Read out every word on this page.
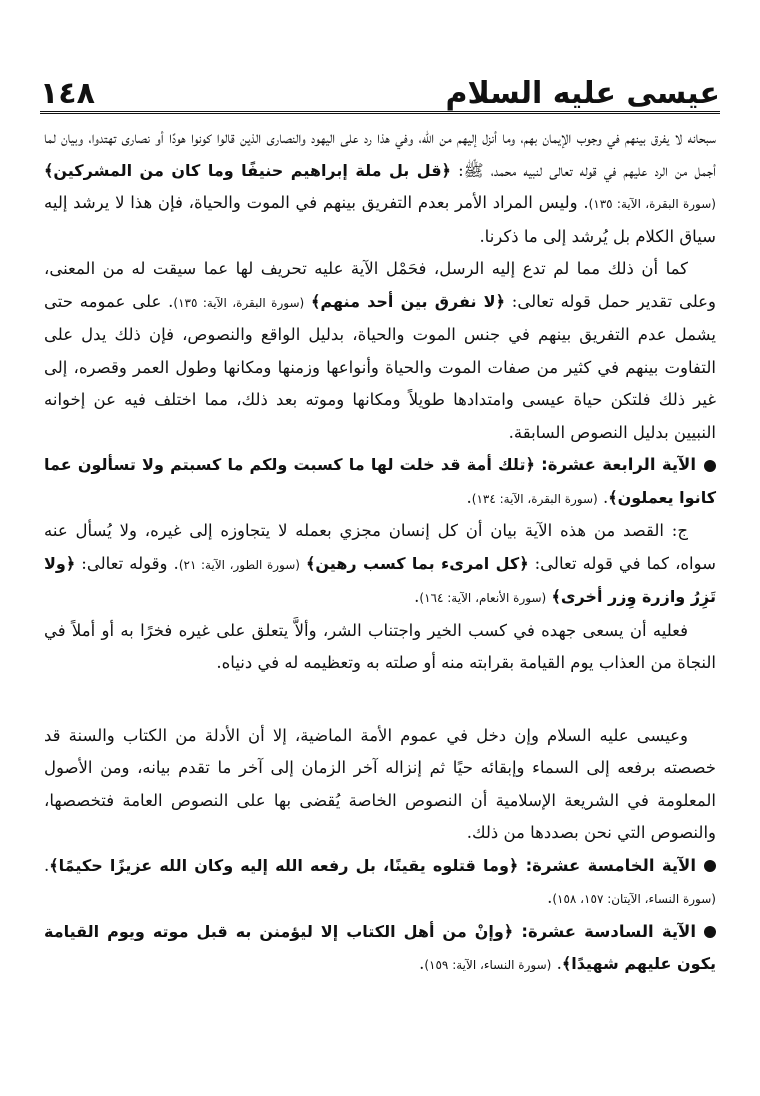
عيسى عليه السلام
١٤٨

سبحانه لا يفرق بينهم في وجوب الإيمان بهم، وما أنزل إليهم من الله، وفي هذا رد على اليهود والنصارى الذين قالوا كونوا هودًا أو نصارى تهتدوا، وبيان لما أجمل من الرد عليهم في قوله تعالى لنبيه محمد، ﷺ: ﴿قل بل ملة إبراهيم حنيفًا وما كان من المشركين﴾ (سورة البقرة، الآية: ١٣٥). وليس المراد الأمر بعدم التفريق بينهم في الموت والحياة، فإن هذا لا يرشد إليه سياق الكلام بل يُرشد إلى ما ذكرنا.

كما أن ذلك مما لم تدع إليه الرسل، فحَمْل الآية عليه تحريف لها عما سيقت له من المعنى، وعلى تقدير حمل قوله تعالى: ﴿لا نفرق بين أحد منهم﴾ (سورة البقرة، الآية: ١٣٥). على عمومه حتى يشمل عدم التفريق بينهم في جنس الموت والحياة، بدليل الواقع والنصوص، فإن ذلك يدل على التفاوت بينهم في كثير من صفات الموت والحياة وأنواعها وزمنها ومكانها وطول العمر وقصره، إلى غير ذلك فلتكن حياة عيسى وامتدادها طويلاً ومكانها وموته بعد ذلك، مما اختلف فيه عن إخوانه النبيين بدليل النصوص السابقة.

الآية الرابعة عشرة: ﴿تلك أمة قد خلت لها ما كسبت ولكم ما كسبتم ولا تسألون عما كانوا يعملون﴾. (سورة البقرة، الآية: ١٣٤).

ج: القصد من هذه الآية بيان أن كل إنسان مجزي بعمله لا يتجاوزه إلى غيره، ولا يُسأل عنه سواه، كما في قوله تعالى: ﴿كل امرىء بما كسب رهين﴾ (سورة الطور، الآية: ٢١). وقوله تعالى: ﴿ولا تَزِرُ وازرة وِزر أخرى﴾ (سورة الأنعام، الآية: ١٦٤).

فعليه أن يسعى جهده في كسب الخير واجتناب الشر، وألاَّ يتعلق على غيره فخرًا به أو أملاً في النجاة من العذاب يوم القيامة بقرابته منه أو صلته به وتعظيمه له في دنياه.

وعيسى عليه السلام وإن دخل في عموم الأمة الماضية، إلا أن الأدلة من الكتاب والسنة قد خصصته برفعه إلى السماء وإبقائه حيًا ثم إنزاله آخر الزمان إلى آخر ما تقدم بيانه، ومن الأصول المعلومة في الشريعة الإسلامية أن النصوص الخاصة يُقضى بها على النصوص العامة فتخصصها، والنصوص التي نحن بصددها من ذلك.

الآية الخامسة عشرة: ﴿وما قتلوه يقينًا، بل رفعه الله إليه وكان الله عزيزًا حكيمًا﴾. (سورة النساء، الآيتان: ١٥٧، ١٥٨).

الآية السادسة عشرة: ﴿وإنْ من أهل الكتاب إلا ليؤمنن به قبل موته ويوم القيامة يكون عليهم شهيدًا﴾. (سورة النساء، الآية: ١٥٩).
